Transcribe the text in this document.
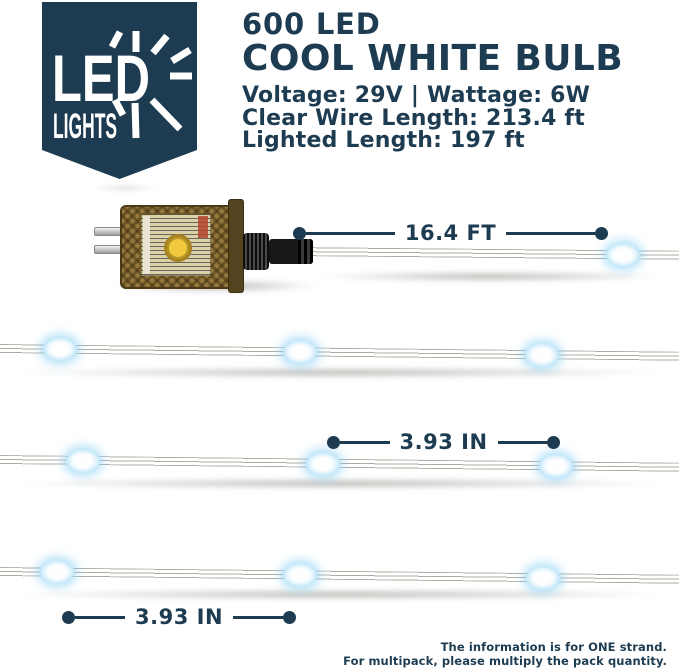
LED
LIGHTS
600 LED
COOL WHITE BULB
Voltage: 29V | Wattage: 6W
Clear Wire Length: 213.4 ft
Lighted Length: 197 ft
16.4 FT
3.93 IN
3.93 IN
The information is for ONE strand.
For multipack, please multiply the pack quantity.
